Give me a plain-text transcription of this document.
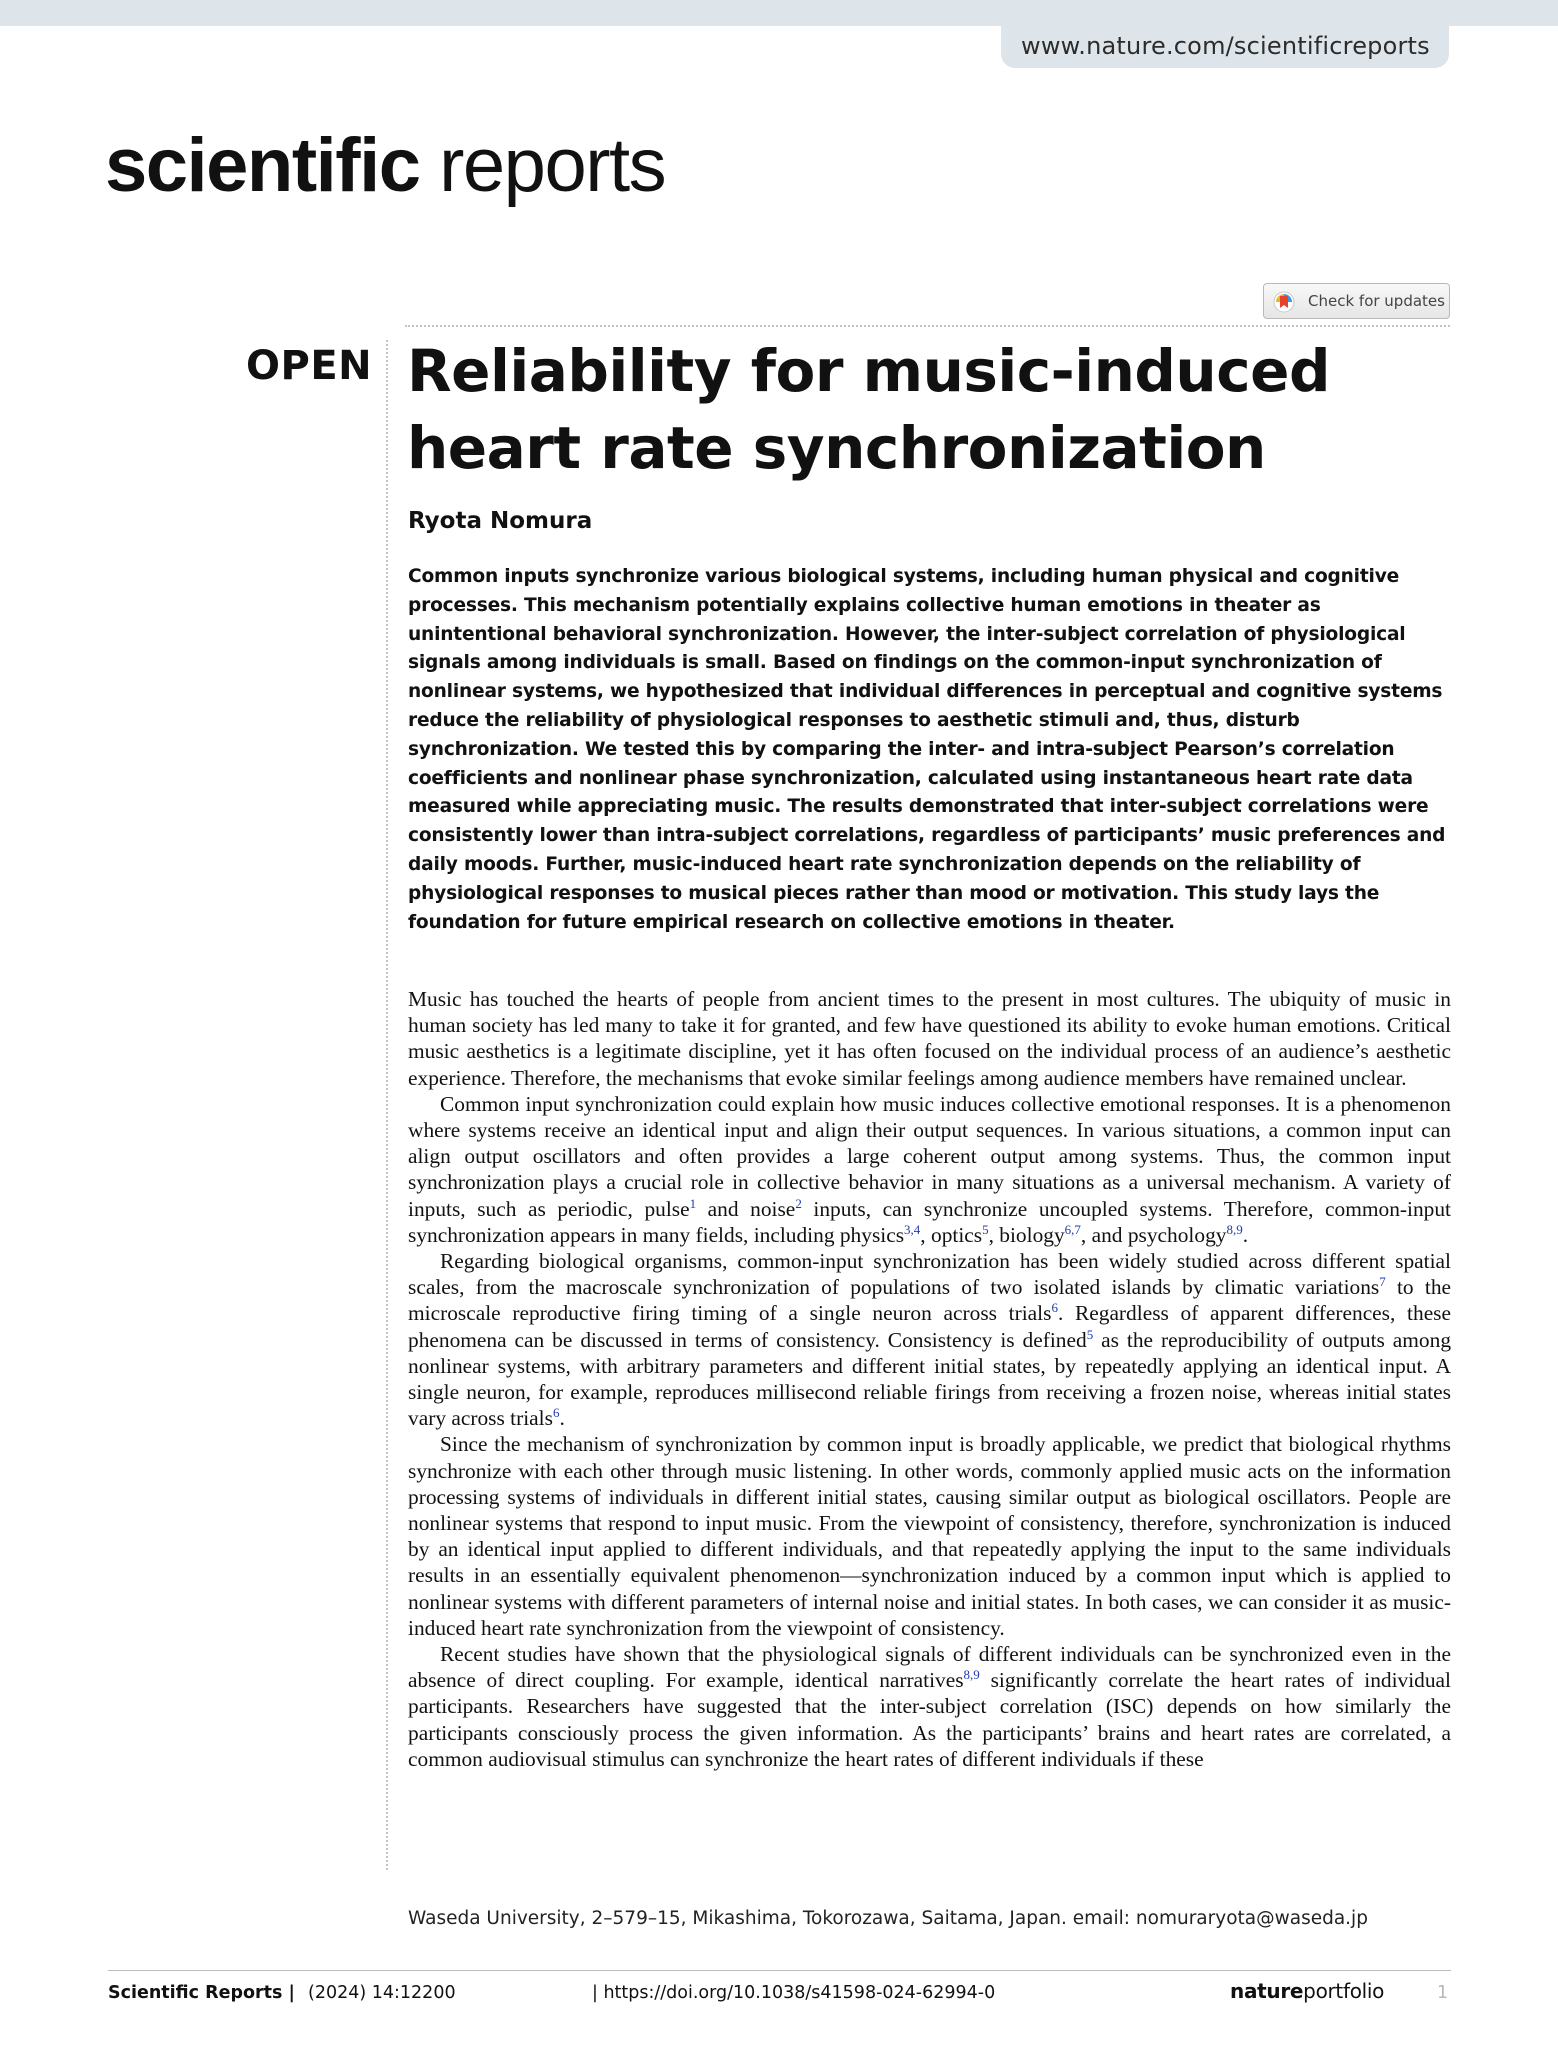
www.nature.com/scientificreports
scientific reports
Check for updates
OPEN Reliability for music-induced heart rate synchronization
Ryota Nomura

Common inputs synchronize various biological systems, including human physical and cognitive processes. This mechanism potentially explains collective human emotions in theater as unintentional behavioral synchronization. However, the inter-subject correlation of physiological signals among individuals is small. Based on findings on the common-input synchronization of nonlinear systems, we hypothesized that individual differences in perceptual and cognitive systems reduce the reliability of physiological responses to aesthetic stimuli and, thus, disturb synchronization. We tested this by comparing the inter- and intra-subject Pearson’s correlation coefficients and nonlinear phase synchronization, calculated using instantaneous heart rate data measured while appreciating music. The results demonstrated that inter-subject correlations were consistently lower than intra-subject correlations, regardless of participants’ music preferences and daily moods. Further, music-induced heart rate synchronization depends on the reliability of physiological responses to musical pieces rather than mood or motivation. This study lays the foundation for future empirical research on collective emotions in theater.

Music has touched the hearts of people from ancient times to the present in most cultures. The ubiquity of music in human society has led many to take it for granted, and few have questioned its ability to evoke human emotions. Critical music aesthetics is a legitimate discipline, yet it has often focused on the individual process of an audience’s aesthetic experience. Therefore, the mechanisms that evoke similar feelings among audience members have remained unclear.

Common input synchronization could explain how music induces collective emotional responses. It is a phenomenon where systems receive an identical input and align their output sequences. In various situations, a common input can align output oscillators and often provides a large coherent output among systems. Thus, the common input synchronization plays a crucial role in collective behavior in many situations as a universal mechanism. A variety of inputs, such as periodic, pulse$^1$ and noise$^2$ inputs, can synchronize uncoupled systems. Therefore, common-input synchronization appears in many fields, including physics$^{3,4}$, optics$^5$, biology$^{6,7}$, and psychology$^{8,9}$.

Regarding biological organisms, common-input synchronization has been widely studied across different spatial scales, from the macroscale synchronization of populations of two isolated islands by climatic variations$^7$ to the microscale reproductive firing timing of a single neuron across trials$^6$. Regardless of apparent differences, these phenomena can be discussed in terms of consistency. Consistency is defined$^5$ as the reproducibility of outputs among nonlinear systems, with arbitrary parameters and different initial states, by repeatedly applying an identical input. A single neuron, for example, reproduces millisecond reliable firings from receiving a frozen noise, whereas initial states vary across trials$^6$.

Since the mechanism of synchronization by common input is broadly applicable, we predict that biological rhythms synchronize with each other through music listening. In other words, commonly applied music acts on the information processing systems of individuals in different initial states, causing similar output as biological oscillators. People are nonlinear systems that respond to input music. From the viewpoint of consistency, therefore, synchronization is induced by an identical input applied to different individuals, and that repeatedly applying the input to the same individuals results in an essentially equivalent phenomenon—synchronization induced by a common input which is applied to nonlinear systems with different parameters of internal noise and initial states. In both cases, we can consider it as music-induced heart rate synchronization from the viewpoint of consistency.

Recent studies have shown that the physiological signals of different individuals can be synchronized even in the absence of direct coupling. For example, identical narratives$^{8,9}$ significantly correlate the heart rates of individual participants. Researchers have suggested that the inter-subject correlation (ISC) depends on how similarly the participants consciously process the given information. As the participants’ brains and heart rates are correlated, a common audiovisual stimulus can synchronize the heart rates of different individuals if these

Waseda University, 2–579–15, Mikashima, Tokorozawa, Saitama, Japan. email: nomuraryota@waseda.jp
Scientific Reports | (2024) 14:12200	| https://doi.org/10.1038/s41598-024-62994-0	natureportfolio	1
